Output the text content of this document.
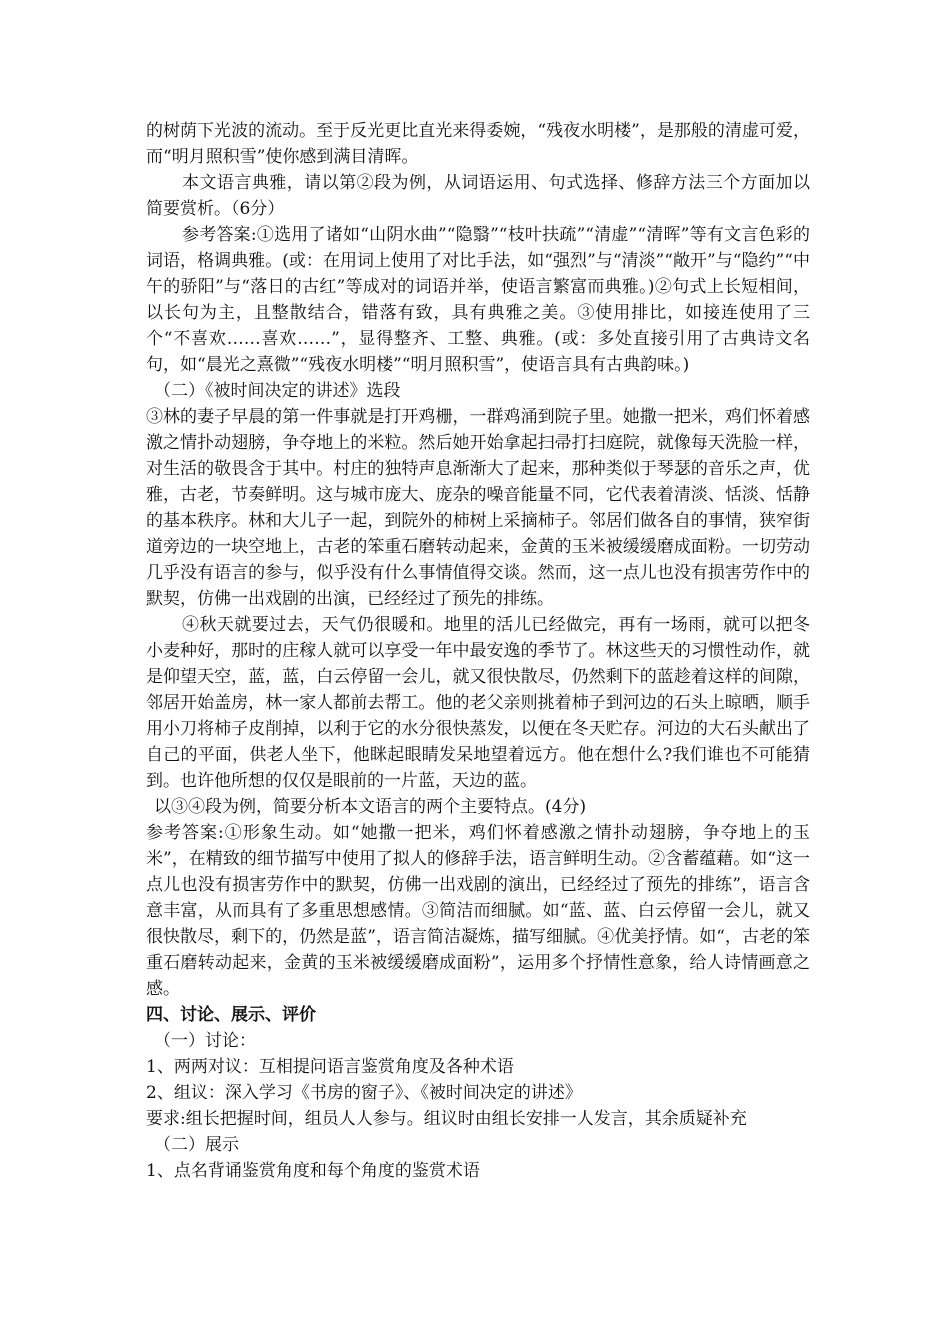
的树荫下光波的流动。至于反光更比直光来得委婉，“残夜水明楼”，是那般的清虚可爱，而“明月照积雪”使你感到满目清晖。

本文语言典雅，请以第②段为例，从词语运用、句式选择、修辞方法三个方面加以简要赏析。（6分）

参考答案:①选用了诸如“山阴水曲”“隐翳”“枝叶扶疏”“清虚”“清晖”等有文言色彩的词语，格调典雅。(或：在用词上使用了对比手法，如“强烈”与“清淡”“敞开”与“隐约”“中午的骄阳”与“落日的古红”等成对的词语并举，使语言繁富而典雅。)②句式上长短相间，以长句为主，且整散结合，错落有致，具有典雅之美。③使用排比，如接连使用了三个“不喜欢……喜欢……”，显得整齐、工整、典雅。(或：多处直接引用了古典诗文名句，如“晨光之熹微”“残夜水明楼”“明月照积雪”，使语言具有古典韵味。)

（二）《被时间决定的讲述》选段

③林的妻子早晨的第一件事就是打开鸡栅，一群鸡涌到院子里。她撒一把米，鸡们怀着感激之情扑动翅膀，争夺地上的米粒。然后她开始拿起扫帚打扫庭院，就像每天洗脸一样，对生活的敬畏含于其中。村庄的独特声息渐渐大了起来，那种类似于琴瑟的音乐之声，优雅，古老，节奏鲜明。这与城市庞大、庞杂的噪音能量不同，它代表着清淡、恬淡、恬静的基本秩序。林和大儿子一起，到院外的柿树上采摘柿子。邻居们做各自的事情，狭窄街道旁边的一块空地上，古老的笨重石磨转动起来，金黄的玉米被缓缓磨成面粉。一切劳动几乎没有语言的参与，似乎没有什么事情值得交谈。然而，这一点儿也没有损害劳作中的默契，仿佛一出戏剧的出演，已经经过了预先的排练。

④秋天就要过去，天气仍很暖和。地里的活儿已经做完，再有一场雨，就可以把冬小麦种好，那时的庄稼人就可以享受一年中最安逸的季节了。林这些天的习惯性动作，就是仰望天空，蓝，蓝，白云停留一会儿，就又很快散尽，仍然剩下的蓝趁着这样的间隙，邻居开始盖房，林一家人都前去帮工。他的老父亲则挑着柿子到河边的石头上晾晒，顺手用小刀将柿子皮削掉，以利于它的水分很快蒸发，以便在冬天贮存。河边的大石头献出了自己的平面，供老人坐下，他眯起眼睛发呆地望着远方。他在想什么?我们谁也不可能猜到。也许他所想的仅仅是眼前的一片蓝，天边的蓝。

以③④段为例，简要分析本文语言的两个主要特点。(4分)

参考答案:①形象生动。如“她撒一把米，鸡们怀着感激之情扑动翅膀，争夺地上的玉米”，在精致的细节描写中使用了拟人的修辞手法，语言鲜明生动。②含蓄蕴藉。如“这一点儿也没有损害劳作中的默契，仿佛一出戏剧的演出，已经经过了预先的排练”，语言含意丰富，从而具有了多重思想感情。③简洁而细腻。如“蓝、蓝、白云停留一会儿，就又很快散尽，剩下的，仍然是蓝”，语言简洁凝炼，描写细腻。④优美抒情。如“，古老的笨重石磨转动起来，金黄的玉米被缓缓磨成面粉”，运用多个抒情性意象，给人诗情画意之感。

四、讨论、展示、评价

（一）讨论：

1、两两对议：互相提问语言鉴赏角度及各种术语

2、组议：深入学习《书房的窗子》、《被时间决定的讲述》

要求:组长把握时间，组员人人参与。组议时由组长安排一人发言，其余质疑补充

（二）展示

1、点名背诵鉴赏角度和每个角度的鉴赏术语
